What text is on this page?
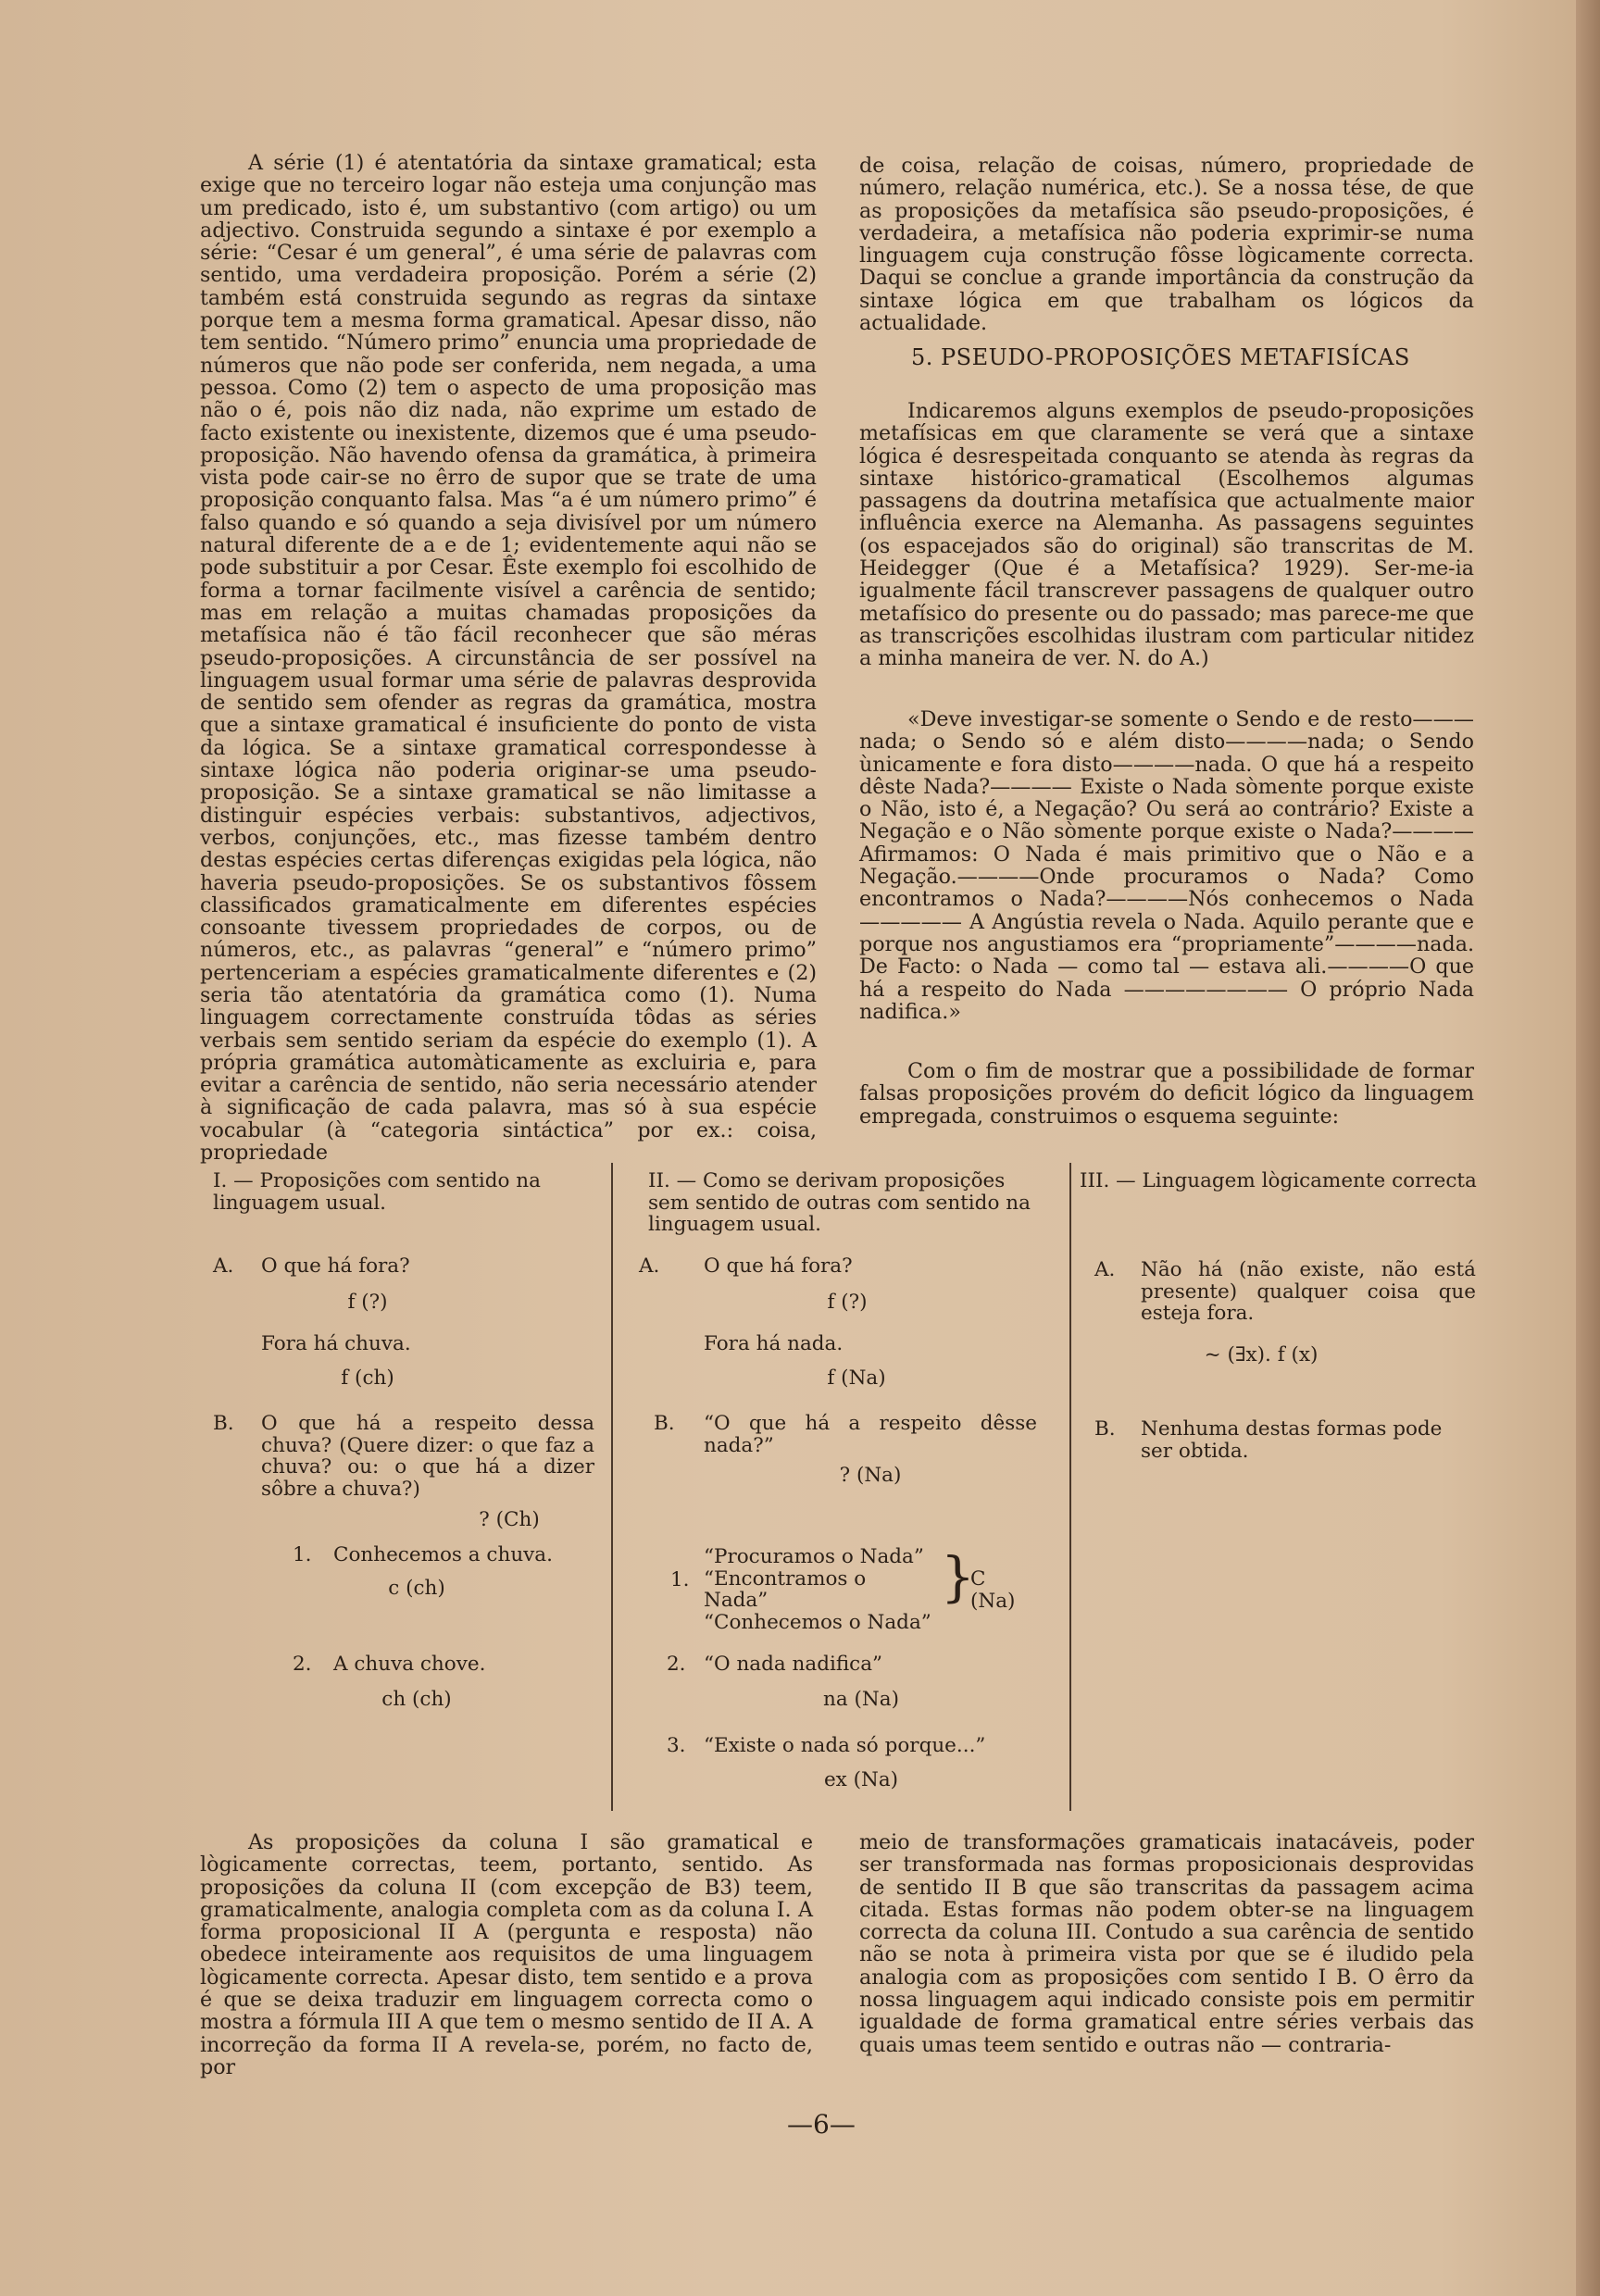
A série (1) é atentatória da sintaxe gramatical; esta exige que no terceiro logar não esteja uma conjunção mas um predicado, isto é, um substantivo (com artigo) ou um adjectivo. Construida segundo a sintaxe é por exemplo a série: “Cesar é um general”, é uma série de palavras com sentido, uma verdadeira proposição. Porém a série (2) também está construida segundo as regras da sintaxe porque tem a mesma forma gramatical. Apesar disso, não tem sentido. “Número primo” enuncia uma propriedade de números que não pode ser conferida, nem negada, a uma pessoa. Como (2) tem o aspecto de uma proposição mas não o é, pois não diz nada, não exprime um estado de facto existente ou inexistente, dizemos que é uma pseudo-proposição. Não havendo ofensa da gramática, à primeira vista pode cair-se no êrro de supor que se trate de uma proposição conquanto falsa. Mas “a é um número primo” é falso quando e só quando a seja divisível por um número natural diferente de a e de 1; evidentemente aqui não se pode substituir a por Cesar. Êste exemplo foi escolhido de forma a tornar facilmente visível a carência de sentido; mas em relação a muitas chamadas proposições da metafísica não é tão fácil reconhecer que são méras pseudo-proposições. A circunstância de ser possível na linguagem usual formar uma série de palavras desprovida de sentido sem ofender as regras da gramática, mostra que a sintaxe gramatical é insuficiente do ponto de vista da lógica. Se a sintaxe gramatical correspondesse à sintaxe lógica não poderia originar-se uma pseudo-proposição. Se a sintaxe gramatical se não limitasse a distinguir espécies verbais: substantivos, adjectivos, verbos, conjunções, etc., mas fizesse também dentro destas espécies certas diferenças exigidas pela lógica, não haveria pseudo-proposições. Se os substantivos fôssem classificados gramaticalmente em diferentes espécies consoante tivessem propriedades de corpos, ou de números, etc., as palavras “general” e “número primo” pertenceriam a espécies gramaticalmente diferentes e (2) seria tão atentatória da gramática como (1). Numa linguagem correctamente construída tôdas as séries verbais sem sentido seriam da espécie do exemplo (1). A própria gramática automàticamente as excluiria e, para evitar a carência de sentido, não seria necessário atender à significação de cada palavra, mas só à sua espécie vocabular (à “categoria sintáctica” por ex.: coisa, propriedade

de coisa, relação de coisas, número, propriedade de número, relação numérica, etc.). Se a nossa tése, de que as proposições da metafísica são pseudo-proposições, é verdadeira, a metafísica não poderia exprimir-se numa linguagem cuja construção fôsse lògicamente correcta. Daqui se conclue a grande importância da construção da sintaxe lógica em que trabalham os lógicos da actualidade.

5. PSEUDO-PROPOSIÇÕES METAFISÍCAS

Indicaremos alguns exemplos de pseudo-proposições metafísicas em que claramente se verá que a sintaxe lógica é desrespeitada conquanto se atenda às regras da sintaxe histórico-gramatical (Escolhemos algumas passagens da doutrina metafísica que actualmente maior influência exerce na Alemanha. As passagens seguintes (os espacejados são do original) são transcritas de M. Heidegger (Que é a Metafísica? 1929). Ser-me-ia igualmente fácil transcrever passagens de qualquer outro metafísico do presente ou do passado; mas parece-me que as transcrições escolhidas ilustram com particular nitidez a minha maneira de ver. N. do A.)

«Deve investigar-se somente o Sendo e de resto——— nada; o Sendo só e além disto————nada; o Sendo ùnicamente e fora disto————nada. O que há a respeito dêste Nada?———— Existe o Nada sòmente porque existe o Não, isto é, a Negação? Ou será ao contrário? Existe a Negação e o Não sòmente porque existe o Nada?————Afirmamos: O Nada é mais primitivo que o Não e a Negação.————Onde procuramos o Nada? Como encontramos o Nada?————Nós conhecemos o Nada ————— A Angústia revela o Nada. Aquilo perante que e porque nos angustiamos era “propriamente”————nada. De Facto: o Nada — como tal — estava ali.————O que há a respeito do Nada ———————— O próprio Nada nadifica.»

Com o fim de mostrar que a possibilidade de formar falsas proposições provém do deficit lógico da linguagem empregada, construimos o esquema seguinte:

I. — Proposições com sentido na linguagem usual.
A. O que há fora?
f (?)
Fora há chuva.
f (ch)
B. O que há a respeito dessa chuva? (Quere dizer: o que faz a chuva? ou: o que há a dizer sôbre a chuva?)
? (Ch)
1. Conhecemos a chuva.
c (ch)
2. A chuva chove.
ch (ch)
II. — Como se derivam proposições sem sentido de outras com sentido na linguagem usual.
A. O que há fora?
f (?)
Fora há nada.
f (Na)
B. “O que há a respeito dêsse nada?”
? (Na)
1.
“Procuramos o Nada”
“Encontramos o Nada”
“Conhecemos o Nada”
}
C (Na)
2. “O nada nadifica”
na (Na)
3. “Existe o nada só porque...”
ex (Na)
III. — Linguagem lògicamente correcta
A. Não há (não existe, não está presente) qualquer coisa que esteja fora.
~ (∃x). f (x)
B. Nenhuma destas formas pode ser obtida.

As proposições da coluna I são gramatical e lògicamente correctas, teem, portanto, sentido. As proposições da coluna II (com excepção de B3) teem, gramaticalmente, analogia completa com as da coluna I. A forma proposicional II A (pergunta e resposta) não obedece inteiramente aos requisitos de uma linguagem lògicamente correcta. Apesar disto, tem sentido e a prova é que se deixa traduzir em linguagem correcta como o mostra a fórmula III A que tem o mesmo sentido de II A. A incorreção da forma II A revela-se, porém, no facto de, por

meio de transformações gramaticais inatacáveis, poder ser transformada nas formas proposicionais desprovidas de sentido II B que são transcritas da passagem acima citada. Estas formas não podem obter-se na linguagem correcta da coluna III. Contudo a sua carência de sentido não se nota à primeira vista por que se é iludido pela analogia com as proposições com sentido I B. O êrro da nossa linguagem aqui indicado consiste pois em permitir igualdade de forma gramatical entre séries verbais das quais umas teem sentido e outras não — contraria-

—6—
